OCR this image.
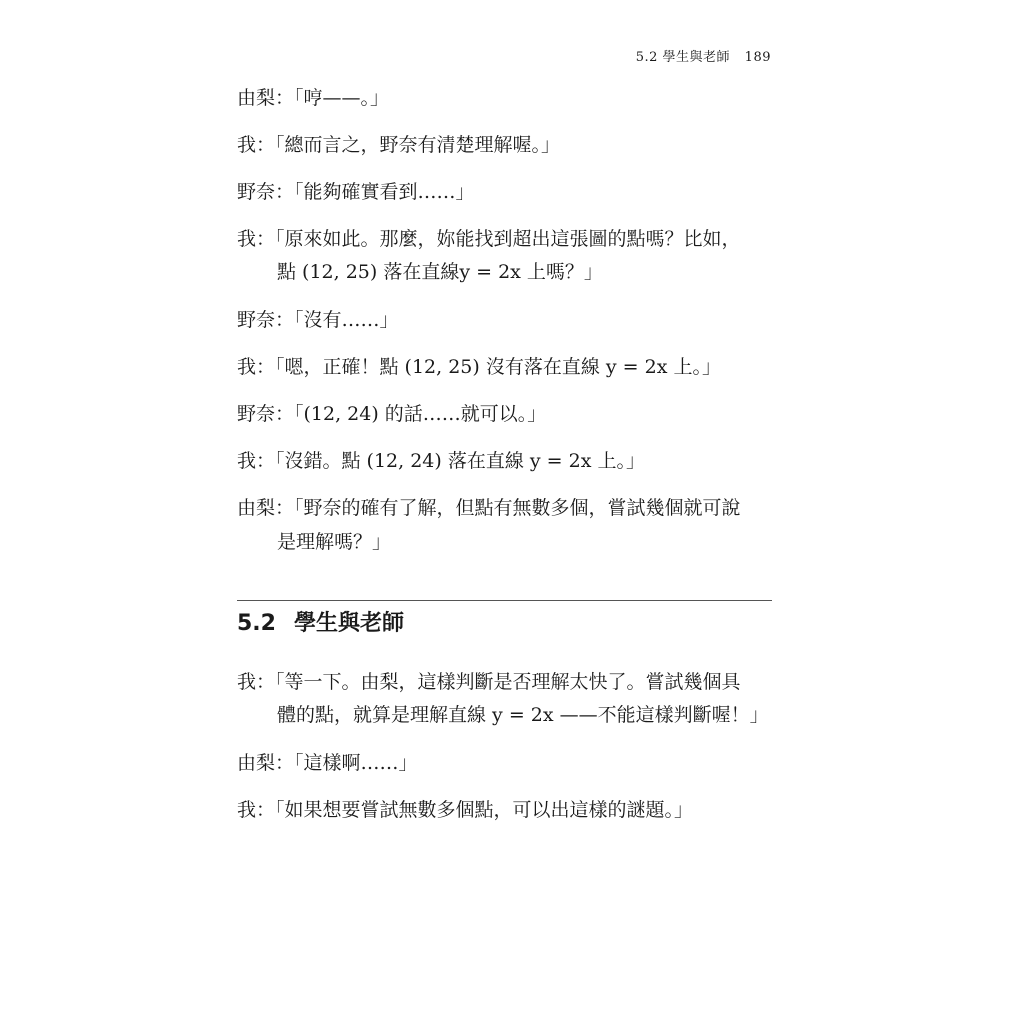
5.2 學生與老師 189
由梨：「哼——。」
我：「總而言之，野奈有清楚理解喔。」
野奈：「能夠確實看到……」
我：「原來如此。那麼，妳能找到超出這張圖的點嗎？比如，
點 (12, 25) 落在直線y = 2x 上嗎？」
野奈：「沒有……」
我：「嗯，正確！點 (12, 25) 沒有落在直線 y = 2x 上。」
野奈：「(12, 24) 的話……就可以。」
我：「沒錯。點 (12, 24) 落在直線 y = 2x 上。」
由梨：「野奈的確有了解，但點有無數多個，嘗試幾個就可說
是理解嗎？」
5.2 學生與老師
我：「等一下。由梨，這樣判斷是否理解太快了。嘗試幾個具
體的點，就算是理解直線 y = 2x ——不能這樣判斷喔！」
由梨：「這樣啊……」
我：「如果想要嘗試無數多個點，可以出這樣的謎題。」
